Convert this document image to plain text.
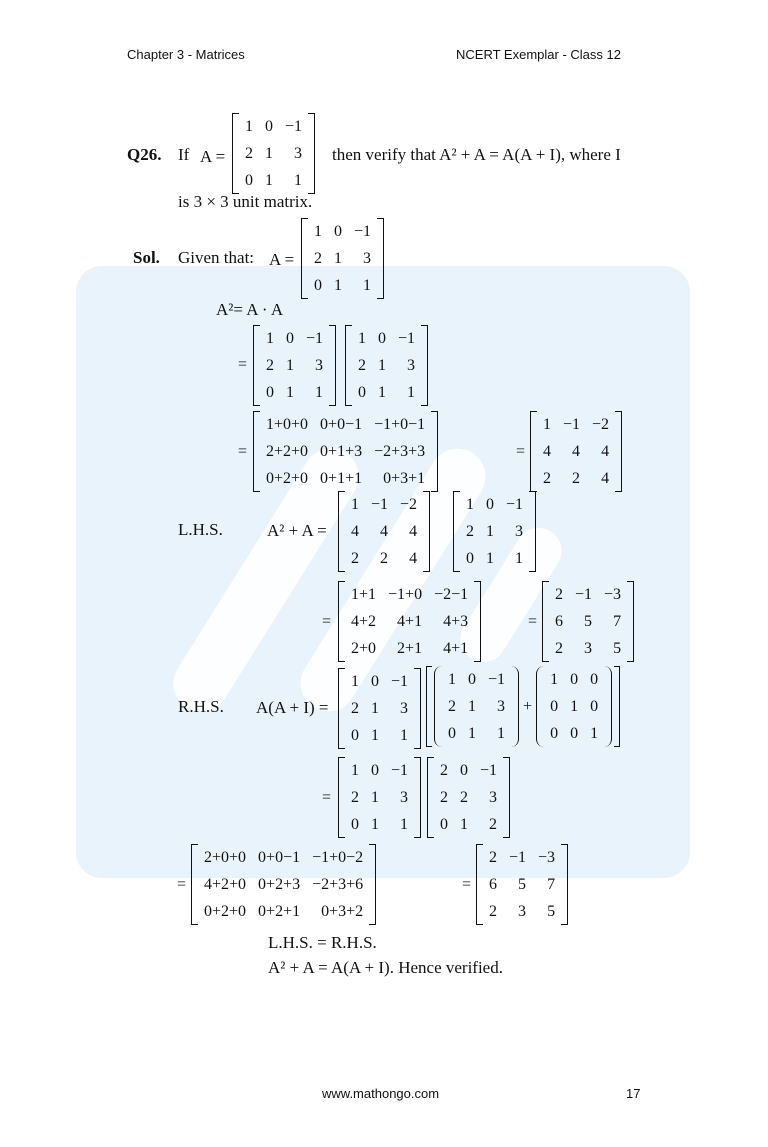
Chapter 3 - Matrices	NCERT Exemplar - Class 12
Q26. If A =
1	0	−1
2	1	3
0	1	1
then verify that A² + A = A(A + I), where I
is 3 × 3 unit matrix.
Sol. Given that: A =
1	0	−1
2	1	3
0	1	1
A²= A · A
=
1	0	−1
2	1	3
0	1	1
1	0	−1
2	1	3
0	1	1
=
1+0+0	0+0−1	−1+0−1
2+2+0	0+1+3	−2+3+3
0+2+0	0+1+1	0+3+1
=
1	−1	−2
4	4	4
2	2	4
L.H.S.	A² + A =
1	−1	−2
4	4	4
2	2	4
1	0	−1
2	1	3
0	1	1
=
1+1	−1+0	−2−1
4+2	4+1	4+3
2+0	2+1	4+1
=
2	−1	−3
6	5	7
2	3	5
R.H.S. A(A + I) =
1	0	−1
2	1	3
0	1	1
1	0	−1
2	1	3
0	1	1
+
1	0	0
0	1	0
0	0	1
=
1	0	−1
2	1	3
0	1	1
2	0	−1
2	2	3
0	1	2
=
2+0+0	0+0−1	−1+0−2
4+2+0	0+2+3	−2+3+6
0+2+0	0+2+1	0+3+2
=
2	−1	−3
6	5	7
2	3	5
L.H.S. = R.H.S.
A² + A = A(A + I). Hence verified.
www.mathongo.com	17
